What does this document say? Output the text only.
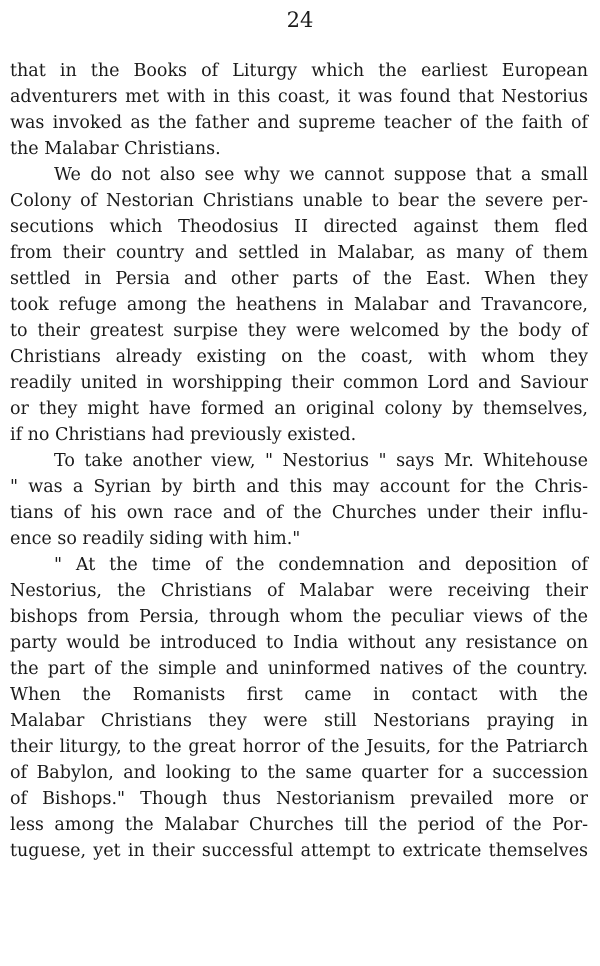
24
that in the Books of Liturgy which the earliest European
adventurers met with in this coast, it was found that Nestorius
was invoked as the father and supreme teacher of the faith of
the Malabar Christians.
We do not also see why we cannot suppose that a small
Colony of Nestorian Christians unable to bear the severe per-
secutions which Theodosius II directed against them fled
from their country and settled in Malabar, as many of them
settled in Persia and other parts of the East. When they
took refuge among the heathens in Malabar and Travancore,
to their greatest surpise they were welcomed by the body of
Christians already existing on the coast, with whom they
readily united in worshipping their common Lord and Saviour
or they might have formed an original colony by themselves,
if no Christians had previously existed.
To take another view, " Nestorius " says Mr. Whitehouse
" was a Syrian by birth and this may account for the Chris-
tians of his own race and of the Churches under their influ-
ence so readily siding with him."
" At the time of the condemnation and deposition of
Nestorius, the Christians of Malabar were receiving their
bishops from Persia, through whom the peculiar views of the
party would be introduced to India without any resistance on
the part of the simple and uninformed natives of the country.
When the Romanists first came in contact with the
Malabar Christians they were still Nestorians praying in
their liturgy, to the great horror of the Jesuits, for the Patriarch
of Babylon, and looking to the same quarter for a succession
of Bishops." Though thus Nestorianism prevailed more or
less among the Malabar Churches till the period of the Por-
tuguese, yet in their successful attempt to extricate themselves
